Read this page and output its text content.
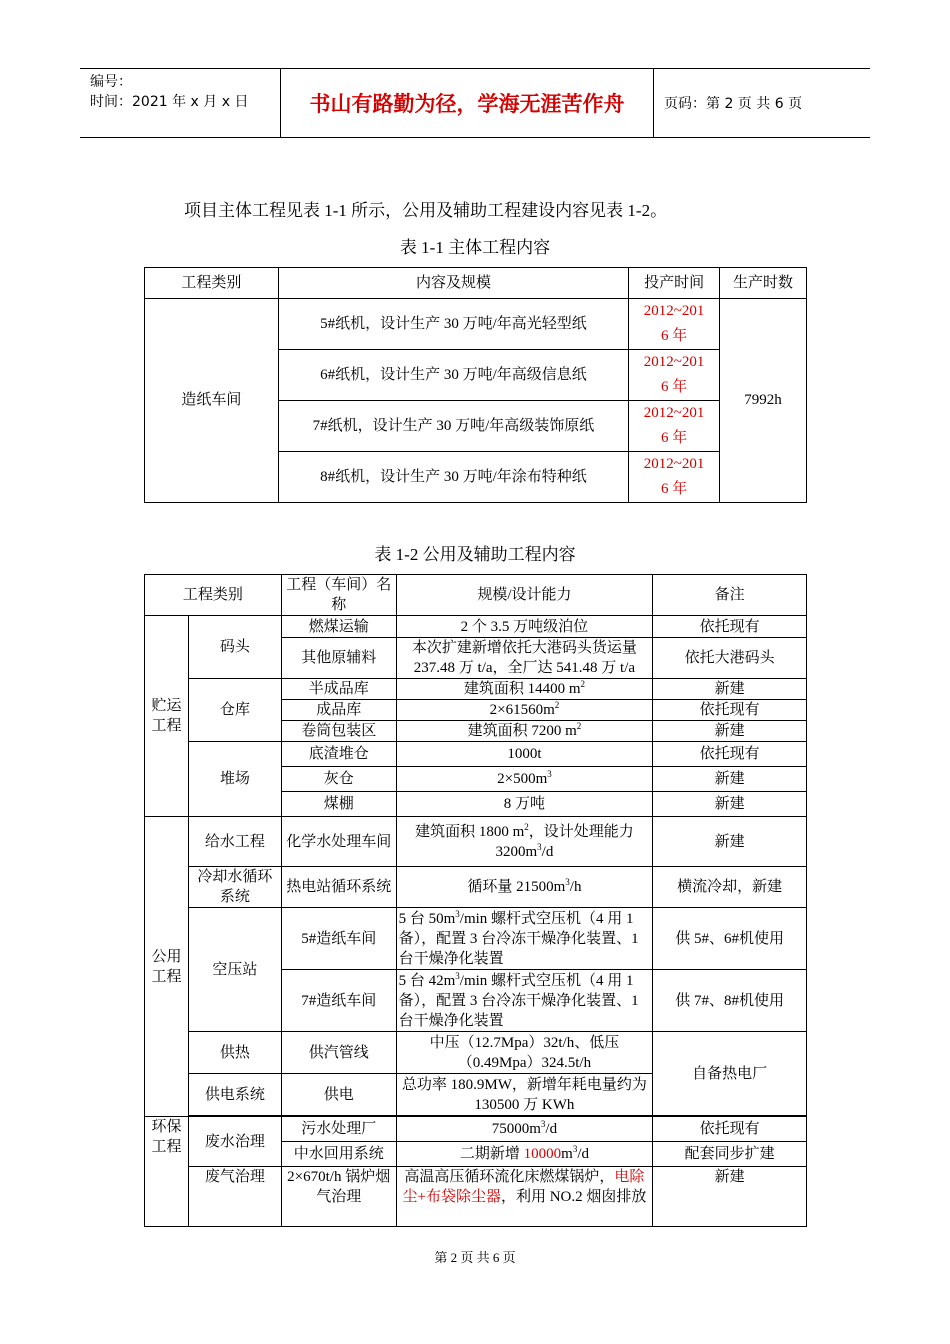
编号：
时间：2021 年 x 月 x 日	书山有路勤为径，学海无涯苦作舟	页码：第 2 页 共 6 页
项目主体工程见表 1-1 所示，公用及辅助工程建设内容见表 1-2。
表 1-1 主体工程内容
工程类别	内容及规模	投产时间	生产时数
造纸车间	5#纸机，设计生产 30 万吨/年高光轻型纸	2012~201
6 年	7992h
	6#纸机，设计生产 30 万吨/年高级信息纸	2012~201
6 年	
	7#纸机，设计生产 30 万吨/年高级装饰原纸	2012~201
6 年	
	8#纸机，设计生产 30 万吨/年涂布特种纸	2012~201
6 年	
表 1-2 公用及辅助工程内容
工程类别		工程（车间）名称	规模/设计能力	备注
贮运工程	码头	燃煤运输	2 个 3.5 万吨级泊位	依托现有
		其他原辅料	本次扩建新增依托大港码头货运量 237.48 万 t/a，全厂达 541.48 万 t/a	依托大港码头
	仓库	半成品库	建筑面积 14400 $m^2$	新建
		成品库	$2\times 61560m^2$	依托现有
		卷筒包装区	建筑面积 7200 $m^2$	新建
	堆场	底渣堆仓	1000t	依托现有
		灰仓	$2\times 500m^3$	新建
		煤棚	8 万吨	新建
公用工程	给水工程	化学水处理车间	建筑面积 1800 $m^2$，设计处理能力
$3200m^3/d$	新建
	冷却水循环系统	热电站循环系统	循环量 $21500m^3/h$	横流冷却，新建
	空压站	5#造纸车间	5 台 $50m^3/\min$ 螺杆式空压机（4 用 1 备），配置 3 台冷冻干燥净化装置、1 台干燥净化装置	供 5#、6#机使用
		7#造纸车间	5 台 $42m^3/\min$ 螺杆式空压机（4 用 1 备），配置 3 台冷冻干燥净化装置、1 台干燥净化装置	供 7#、8#机使用
	供热	供汽管线	中压（12.7Mpa）32t/h、低压（0.49Mpa）324.5t/h	自备热电厂
	供电系统	供电	总功率 180.9MW，新增年耗电量约为 130500 万 KWh	

环保工程	废水治理	污水处理厂	$75000m^3/d$	依托现有
		中水回用系统	二期新增 $10000m^3/d$	配套同步扩建
	废气治理	2×670t/h 锅炉烟气治理	高温高压循环流化床燃煤锅炉，电除尘+布袋除尘器，利用 NO.2 烟囱排放	新建
第 2 页 共 6 页
